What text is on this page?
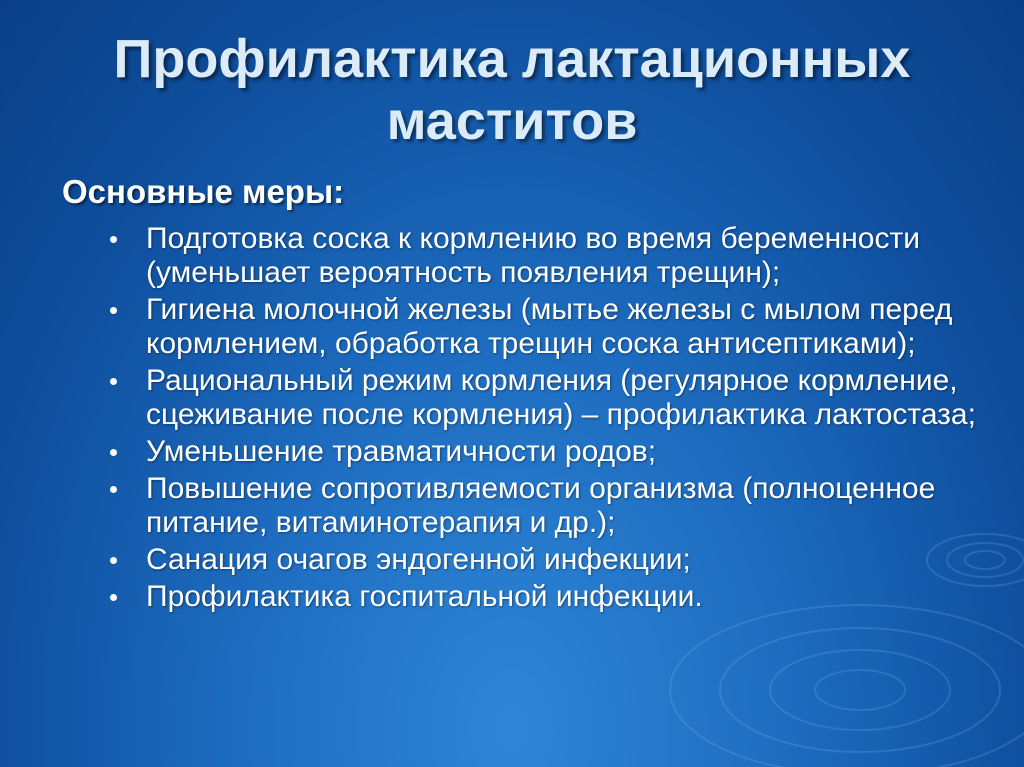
Профилактика лактационных
маститов
Основные меры:
Подготовка соска к кормлению во время беременности (уменьшает вероятность появления трещин);
Гигиена молочной железы (мытье железы с мылом перед кормлением, обработка трещин соска антисептиками);
Рациональный режим кормления (регулярное кормление, сцеживание после кормления) – профилактика лактостаза;
Уменьшение травматичности родов;
Повышение сопротивляемости организма (полноценное питание, витаминотерапия и др.);
Санация очагов эндогенной инфекции;
Профилактика госпитальной инфекции.
